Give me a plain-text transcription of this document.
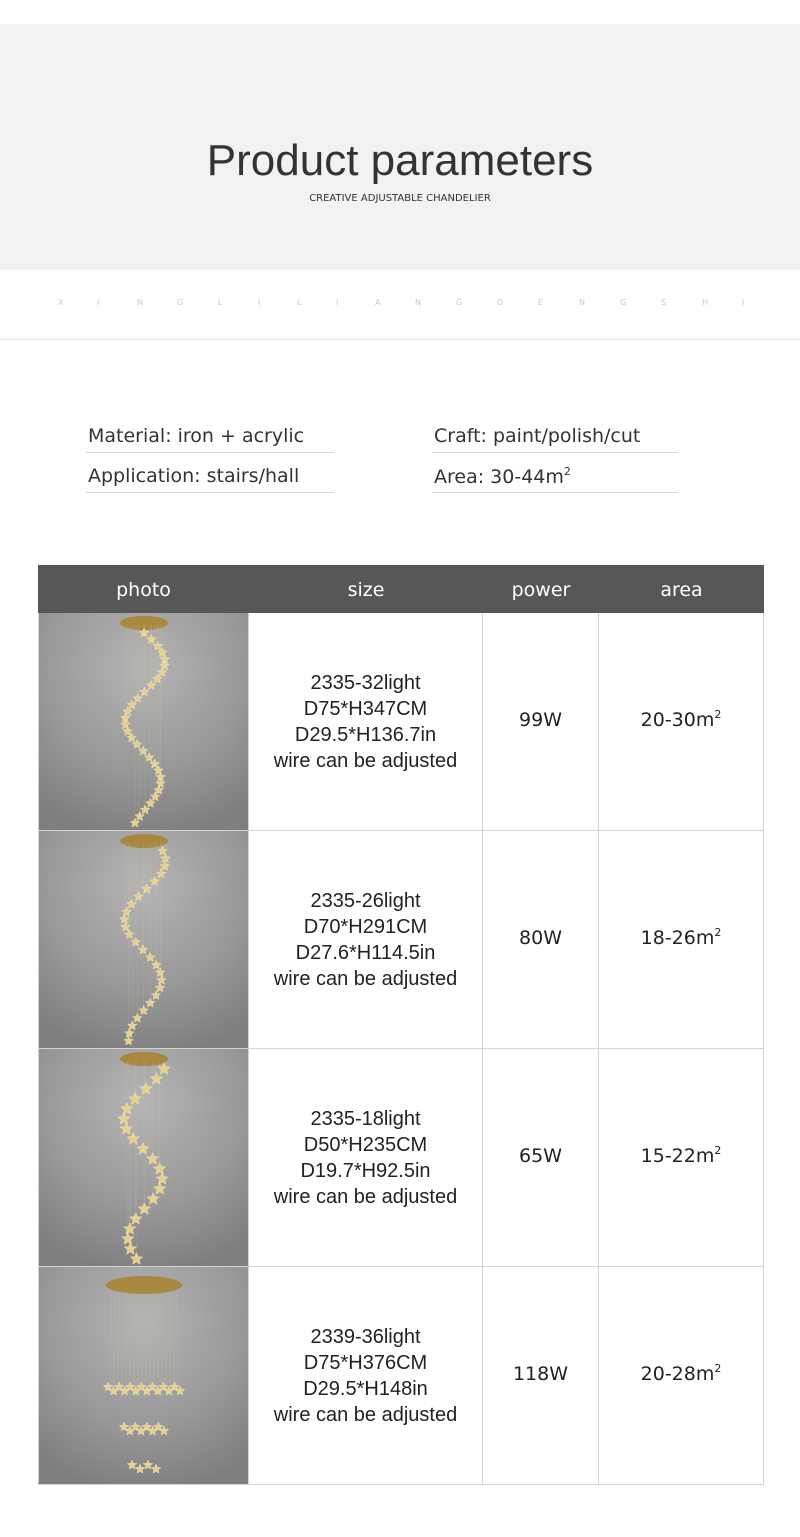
Product parameters
CREATIVE ADJUSTABLE CHANDELIER
X	I	N	G	L	I	L	I	A	N	G	D	E	N	G	S	H	I
Material: iron + acrylic	Craft: paint/polish/cut
Application: stairs/hall	Area: $30-44m^2$
photo	size	power	area
2335-32light
D75*H347CM
D29.5*H136.7in
wire can be adjusted
99W	$20-30m^2$
2335-26light
D70*H291CM
D27.6*H114.5in
wire can be adjusted
80W	$18-26m^2$
2335-18light
D50*H235CM
D19.7*H92.5in
wire can be adjusted
65W	$15-22m^2$
2339-36light
D75*H376CM
D29.5*H148in
wire can be adjusted
118W	$20-28m^2$
